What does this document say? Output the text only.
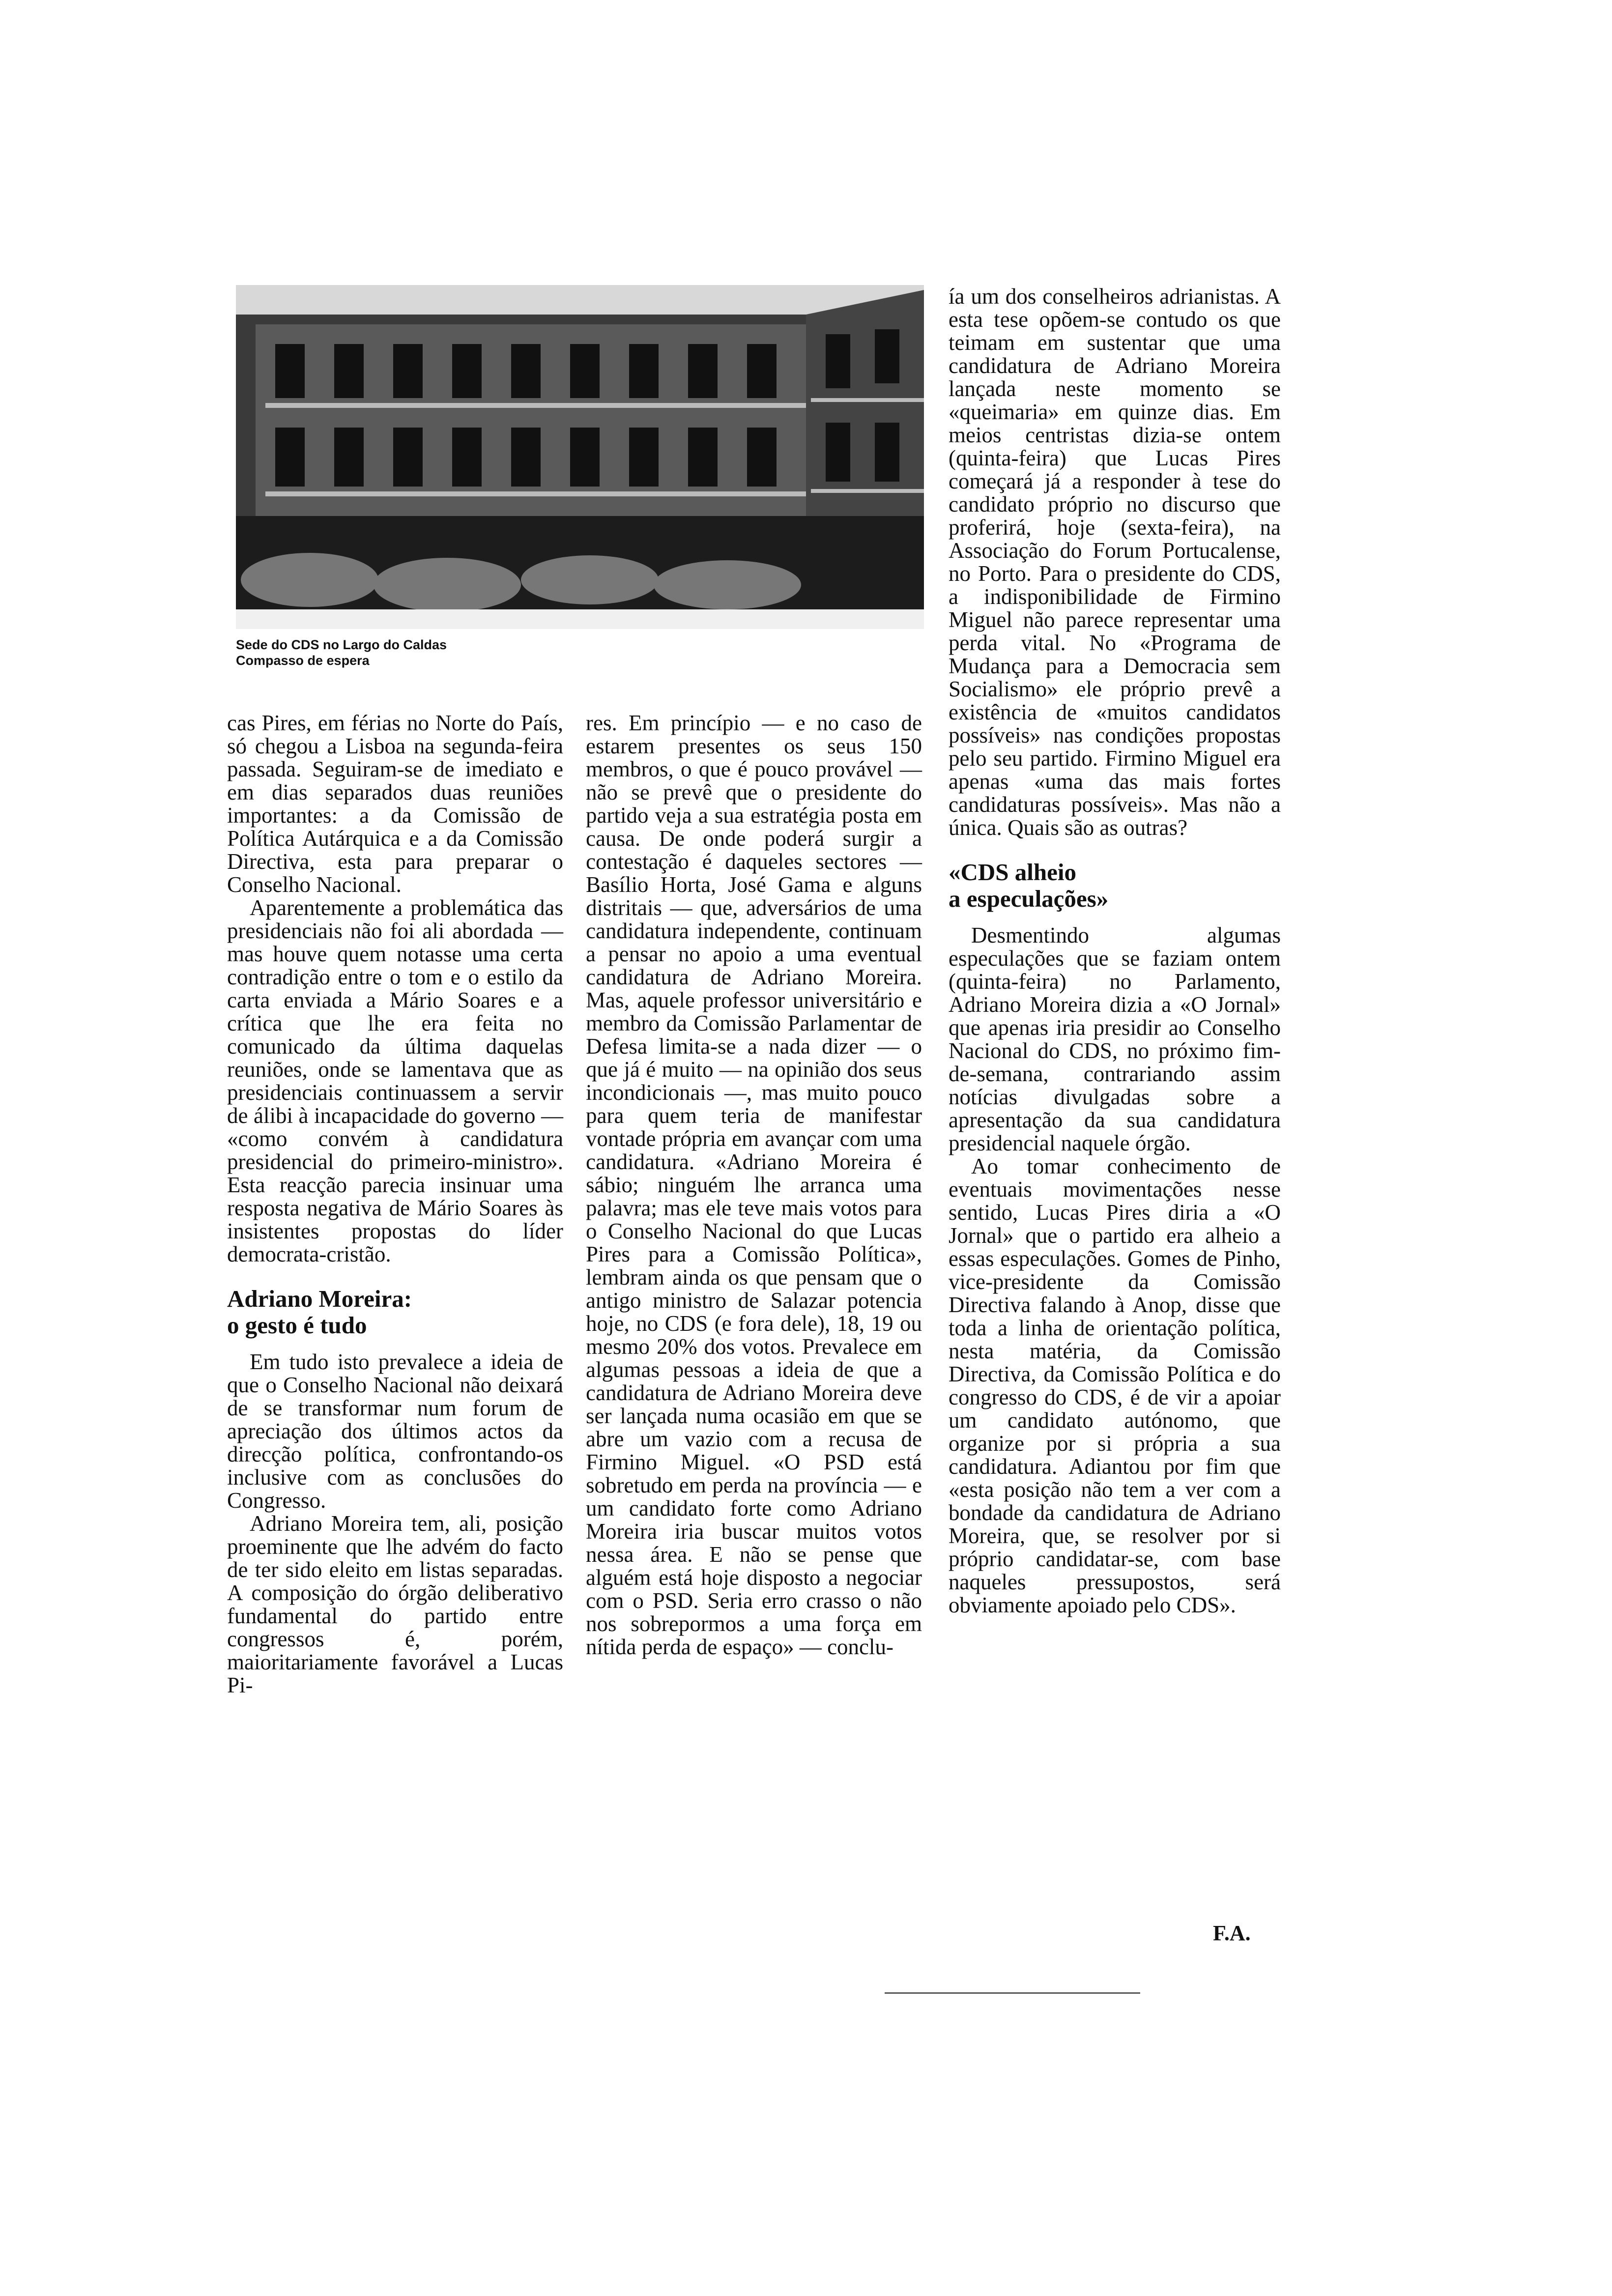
Sede do CDS no Largo do Caldas
Compasso de espera

cas Pires, em férias no Norte do País, só chegou a Lisboa na segunda-feira passada. Seguiram-se de imediato e em dias separados duas reuniões importantes: a da Comissão de Política Autárquica e a da Comissão Directiva, esta para preparar o Conselho Nacional.

Aparentemente a problemática das presidenciais não foi ali abordada — mas houve quem notasse uma certa contradição entre o tom e o estilo da carta enviada a Mário Soares e a crítica que lhe era feita no comunicado da última daquelas reuniões, onde se lamentava que as presidenciais continuassem a servir de álibi à incapacidade do governo — «como convém à candidatura presidencial do primeiro-ministro». Esta reacção parecia insinuar uma resposta negativa de Mário Soares às insistentes propostas do líder democrata-cristão.

Adriano Moreira:
o gesto é tudo

Em tudo isto prevalece a ideia de que o Conselho Nacional não deixará de se transformar num forum de apreciação dos últimos actos da direcção política, confrontando-os inclusive com as conclusões do Congresso.

Adriano Moreira tem, ali, posição proeminente que lhe advém do facto de ter sido eleito em listas separadas. A composição do órgão deliberativo fundamental do partido entre congressos é, porém, maioritariamente favorável a Lucas Pi-

res. Em princípio — e no caso de estarem presentes os seus 150 membros, o que é pouco provável — não se prevê que o presidente do partido veja a sua estratégia posta em causa. De onde poderá surgir a contestação é daqueles sectores —Basílio Horta, José Gama e alguns distritais — que, adversários de uma candidatura independente, continuam a pensar no apoio a uma eventual candidatura de Adriano Moreira. Mas, aquele professor universitário e membro da Comissão Parlamentar de Defesa limita-se a nada dizer — o que já é muito — na opinião dos seus incondicionais —, mas muito pouco para quem teria de manifestar vontade própria em avançar com uma candidatura. «Adriano Moreira é sábio; ninguém lhe arranca uma palavra; mas ele teve mais votos para o Conselho Nacional do que Lucas Pires para a Comissão Política», lembram ainda os que pensam que o antigo ministro de Salazar potencia hoje, no CDS (e fora dele), 18, 19 ou mesmo 20% dos votos. Prevalece em algumas pessoas a ideia de que a candidatura de Adriano Moreira deve ser lançada numa ocasião em que se abre um vazio com a recusa de Firmino Miguel. «O PSD está sobretudo em perda na província — e um candidato forte como Adriano Moreira iria buscar muitos votos nessa área. E não se pense que alguém está hoje disposto a negociar com o PSD. Seria erro crasso o não nos sobrepormos a uma força em nítida perda de espaço» — conclu-

ía um dos conselheiros adrianistas. A esta tese opõem-se contudo os que teimam em sustentar que uma candidatura de Adriano Moreira lançada neste momento se «queimaria» em quinze dias. Em meios centristas dizia-se ontem (quinta-feira) que Lucas Pires começará já a responder à tese do candidato próprio no discurso que proferirá, hoje (sexta-feira), na Associação do Forum Portucalense, no Porto. Para o presidente do CDS, a indisponibilidade de Firmino Miguel não parece representar uma perda vital. No «Programa de Mudança para a Democracia sem Socialismo» ele próprio prevê a existência de «muitos candidatos possíveis» nas condições propostas pelo seu partido. Firmino Miguel era apenas «uma das mais fortes candidaturas possíveis». Mas não a única. Quais são as outras?

«CDS alheio
a especulações»

Desmentindo algumas especulações que se faziam ontem (quinta-feira) no Parlamento, Adriano Moreira dizia a «O Jornal» que apenas iria presidir ao Conselho Nacional do CDS, no próximo fim-de-semana, contrariando assim notícias divulgadas sobre a apresentação da sua candidatura presidencial naquele órgão.

Ao tomar conhecimento de eventuais movimentações nesse sentido, Lucas Pires diria a «O Jornal» que o partido era alheio a essas especulações. Gomes de Pinho, vice-presidente da Comissão Directiva falando à Anop, disse que toda a linha de orientação política, nesta matéria, da Comissão Directiva, da Comissão Política e do congresso do CDS, é de vir a apoiar um candidato autónomo, que organize por si própria a sua candidatura. Adiantou por fim que «esta posição não tem a ver com a bondade da candidatura de Adriano Moreira, que, se resolver por si próprio candidatar-se, com base naqueles pressupostos, será obviamente apoiado pelo CDS».

F.A.
